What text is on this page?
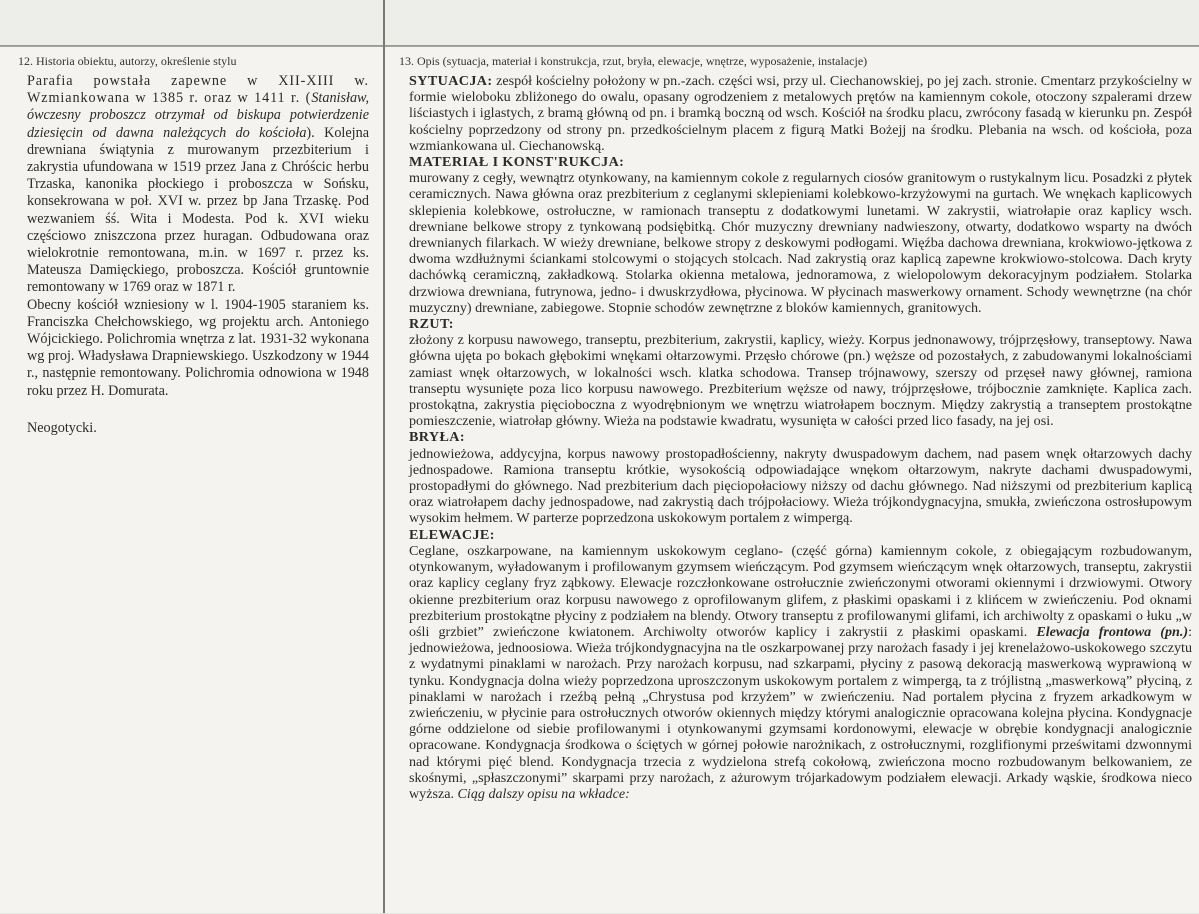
12. Historia obiektu, autorzy, określenie stylu

Parafia powstała zapewne w XII-XIII w. Wzmiankowana w 1385 r. oraz w 1411 r. (Stanisław, ówczesny proboszcz otrzymał od biskupa potwierdzenie dziesięcin od dawna należących do kościoła). Kolejna drewniana świątynia z murowanym przezbiterium i zakrystia ufundowana w 1519 przez Jana z Chróścic herbu Trzaska, kanonika płockiego i proboszcza w Sońsku, konsekrowana w poł. XVI w. przez bp Jana Trzaskę. Pod wezwaniem śś. Wita i Modesta. Pod k. XVI wieku częściowo zniszczona przez huragan. Odbudowana oraz wielokrotnie remontowana, m.in. w 1697 r. przez ks. Mateusza Damięckiego, proboszcza. Kościół gruntownie remontowany w 1769 oraz w 1871 r.

Obecny kościół wzniesiony w l. 1904-1905 staraniem ks. Franciszka Chełchowskiego, wg projektu arch. Antoniego Wójcickiego. Polichromia wnętrza z lat. 1931-32 wykonana wg proj. Władysława Drapniewskiego. Uszkodzony w 1944 r., następnie remontowany. Polichromia odnowiona w 1948 roku przez H. Domurata.

Neogotycki.

13. Opis (sytuacja, materiał i konstrukcja, rzut, bryła, elewacje, wnętrze, wyposażenie, instalacje)

SYTUACJA: zespół kościelny położony w pn.-zach. części wsi, przy ul. Ciechanowskiej, po jej zach. stronie. Cmentarz przykościelny w formie wieloboku zbliżonego do owalu, opasany ogrodzeniem z metalowych prętów na kamiennym cokole, otoczony szpalerami drzew liściastych i iglastych, z bramą główną od pn. i bramką boczną od wsch. Kościół na środku placu, zwrócony fasadą w kierunku pn. Zespół kościelny poprzedzony od strony pn. przedkościelnym placem z figurą Matki Bożejj na środku. Plebania na wsch. od kościoła, poza wzmiankowana ul. Ciechanowską.

MATERIAŁ I KONST'RUKCJA:

murowany z cegły, wewnątrz otynkowany, na kamiennym cokole z regularnych ciosów granitowym o rustykalnym licu. Posadzki z płytek ceramicznych. Nawa główna oraz prezbiterium z ceglanymi sklepieniami kolebkowo-krzyżowymi na gurtach. We wnękach kaplicowych sklepienia kolebkowe, ostrołuczne, w ramionach transeptu z dodatkowymi lunetami. W zakrystii, wiatrołapie oraz kaplicy wsch. drewniane belkowe stropy z tynkowaną podsiębitką. Chór muzyczny drewniany nadwieszony, otwarty, dodatkowo wsparty na dwóch drewnianych filarkach. W wieży drewniane, belkowe stropy z deskowymi podłogami. Więźba dachowa drewniana, krokwiowo-jętkowa z dwoma wzdłużnymi ściankami stolcowymi o stojących stolcach. Nad zakrystią oraz kaplicą zapewne krokwiowo-stolcowa. Dach kryty dachówką ceramiczną, zakładkową. Stolarka okienna metalowa, jednoramowa, z wielopolowym dekoracyjnym podziałem. Stolarka drzwiowa drewniana, futrynowa, jedno- i dwuskrzydłowa, płycinowa. W płycinach maswerkowy ornament. Schody wewnętrzne (na chór muzyczny) drewniane, zabiegowe. Stopnie schodów zewnętrzne z bloków kamiennych, granitowych.

RZUT:

złożony z korpusu nawowego, transeptu, prezbiterium, zakrystii, kaplicy, wieży. Korpus jednonawowy, trójprzęsłowy, transeptowy. Nawa główna ujęta po bokach głębokimi wnękami ołtarzowymi. Przęsło chórowe (pn.) węższe od pozostałych, z zabudowanymi lokalnościami zamiast wnęk ołtarzowych, w lokalności wsch. klatka schodowa. Transep trójnawowy, szerszy od przęseł nawy głównej, ramiona transeptu wysunięte poza lico korpusu nawowego. Prezbiterium węższe od nawy, trójprzęsłowe, trójbocznie zamknięte. Kaplica zach. prostokątna, zakrystia pięcioboczna z wyodrębnionym we wnętrzu wiatrołapem bocznym. Między zakrystią a transeptem prostokątne pomieszczenie, wiatrołap główny. Wieża na podstawie kwadratu, wysunięta w całości przed lico fasady, na jej osi.

BRYŁA:

jednowieżowa, addycyjna, korpus nawowy prostopadłościenny, nakryty dwuspadowym dachem, nad pasem wnęk ołtarzowych dachy jednospadowe. Ramiona transeptu krótkie, wysokością odpowiadające wnękom ołtarzowym, nakryte dachami dwuspadowymi, prostopadłymi do głównego. Nad prezbiterium dach pięciopołaciowy niższy od dachu głównego. Nad niższymi od prezbiterium kaplicą oraz wiatrołapem dachy jednospadowe, nad zakrystią dach trójpołaciowy. Wieża trójkondygnacyjna, smukła, zwieńczona ostrosłupowym wysokim hełmem. W parterze poprzedzona uskokowym portalem z wimpergą.

ELEWACJE:

Ceglane, oszkarpowane, na kamiennym uskokowym ceglano- (część górna) kamiennym cokole, z obiegającym rozbudowanym, otynkowanym, wyładowanym i profilowanym gzymsem wieńczącym. Pod gzymsem wieńczącym wnęk ołtarzowych, transeptu, zakrystii oraz kaplicy ceglany fryz ząbkowy. Elewacje rozczłonkowane ostrołucznie zwieńczonymi otworami okiennymi i drzwiowymi. Otwory okienne prezbiterium oraz korpusu nawowego z oprofilowanym glifem, z płaskimi opaskami i z klińcem w zwieńczeniu. Pod oknami prezbiterium prostokątne płyciny z podziałem na blendy. Otwory transeptu z profilowanymi glifami, ich archiwolty z opaskami o łuku „w ośli grzbiet” zwieńczone kwiatonem. Archiwolty otworów kaplicy i zakrystii z płaskimi opaskami. Elewacja frontowa (pn.): jednowieżowa, jednoosiowa. Wieża trójkondygnacyjna na tle oszkarpowanej przy narożach fasady i jej krenelażowo-uskokowego szczytu z wydatnymi pinaklami w narożach. Przy narożach korpusu, nad szkarpami, płyciny z pasową dekoracją maswerkową wyprawioną w tynku. Kondygnacja dolna wieży poprzedzona uproszczonym uskokowym portalem z wimpergą, ta z trójlistną „maswerkową” płyciną, z pinaklami w narożach i rzeźbą pełną „Chrystusa pod krzyżem” w zwieńczeniu. Nad portalem płycina z fryzem arkadkowym w zwieńczeniu, w płycinie para ostrołucznych otworów okiennych między którymi analogicznie opracowana kolejna płycina. Kondygnacje górne oddzielone od siebie profilowanymi i otynkowanymi gzymsami kordonowymi, elewacje w obrębie kondygnacji analogicznie opracowane. Kondygnacja środkowa o ściętych w górnej połowie narożnikach, z ostrołucznymi, rozglifionymi prześwitami dzwonnymi nad którymi pięć blend. Kondygnacja trzecia z wydzielona strefą cokołową, zwieńczona mocno rozbudowanym belkowaniem, ze skośnymi, „spłaszczonymi” skarpami przy narożach, z ażurowym trójarkadowym podziałem elewacji. Arkady wąskie, środkowa nieco wyższa. Ciąg dalszy opisu na wkładce:
